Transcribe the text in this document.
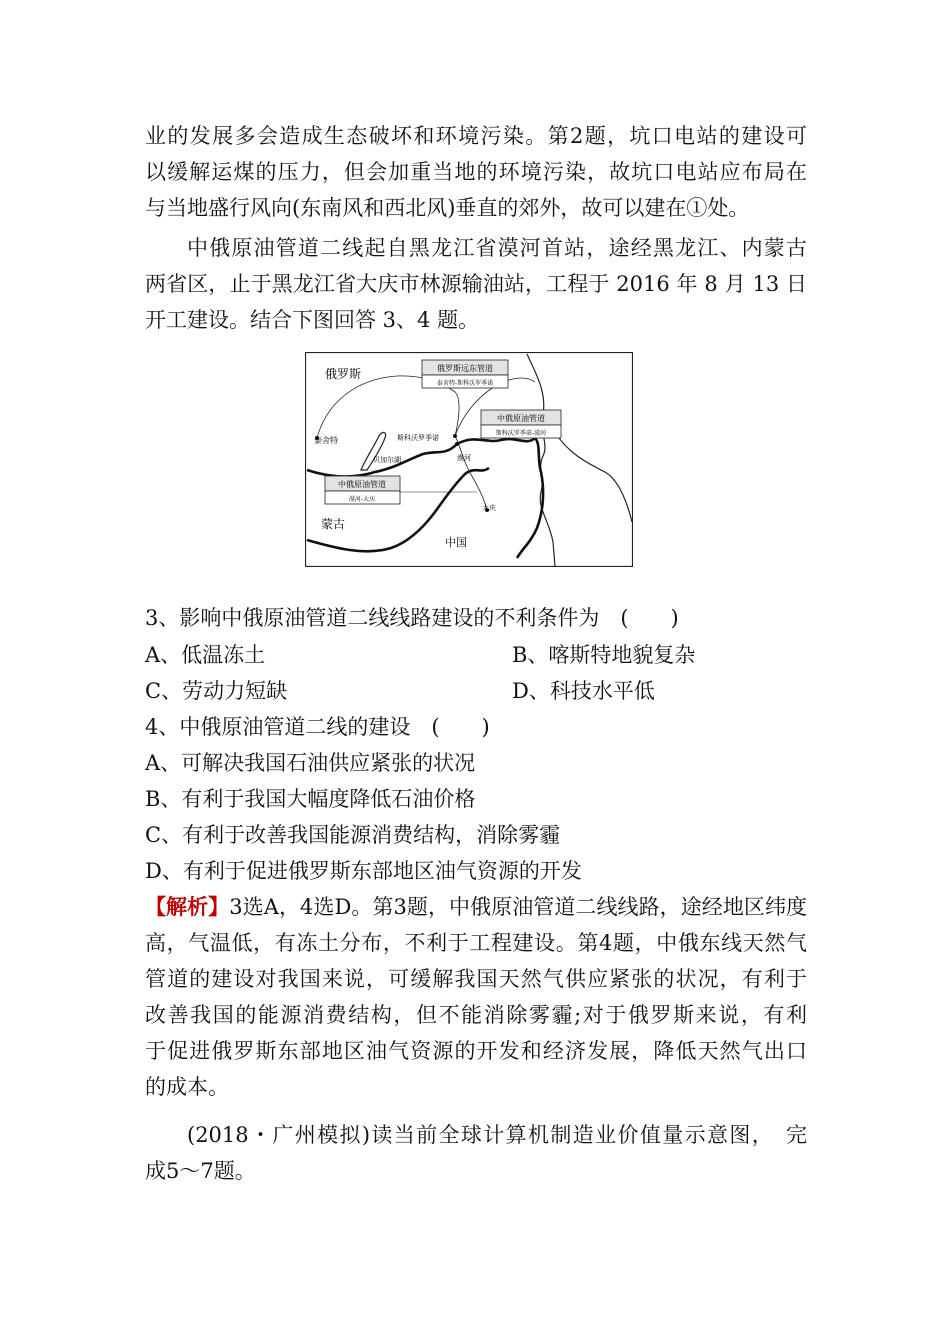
业的发展多会造成生态破坏和环境污染。第2题，坑口电站的建设可
以缓解运煤的压力，但会加重当地的环境污染，故坑口电站应布局在
与当地盛行风向(东南风和西北风)垂直的郊外，故可以建在①处。
中俄原油管道二线起自黑龙江省漠河首站，途经黑龙江、内蒙古
两省区，止于黑龙江省大庆市林源输油站，工程于 2016 年 8 月 13 日
开工建设。结合下图回答 3、4 题。
俄罗斯
蒙古
中国
泰舍特
贝加尔湖
斯科沃罗季诺
漠河
大庆
俄罗斯远东管道
泰舍特-斯科沃罗季诺
中俄原油管道
斯科沃罗季诺-漠河
中俄原油管道
漠河-大庆
3、影响中俄原油管道二线线路建设的不利条件为　(　　)
A、低温冻土	B、喀斯特地貌复杂
C、劳动力短缺	D、科技水平低
4、中俄原油管道二线的建设　(　　)
A、可解决我国石油供应紧张的状况
B、有利于我国大幅度降低石油价格
C、有利于改善我国能源消费结构，消除雾霾
D、有利于促进俄罗斯东部地区油气资源的开发
【解析】3选A，4选D。第3题，中俄原油管道二线线路，途经地区纬度
高，气温低，有冻土分布，不利于工程建设。第4题，中俄东线天然气
管道的建设对我国来说，可缓解我国天然气供应紧张的状况，有利于
改善我国的能源消费结构，但不能消除雾霾;对于俄罗斯来说，有利
于促进俄罗斯东部地区油气资源的开发和经济发展，降低天然气出口
的成本。
(2018・广州模拟)读当前全球计算机制造业价值量示意图，　完
成5～7题。
